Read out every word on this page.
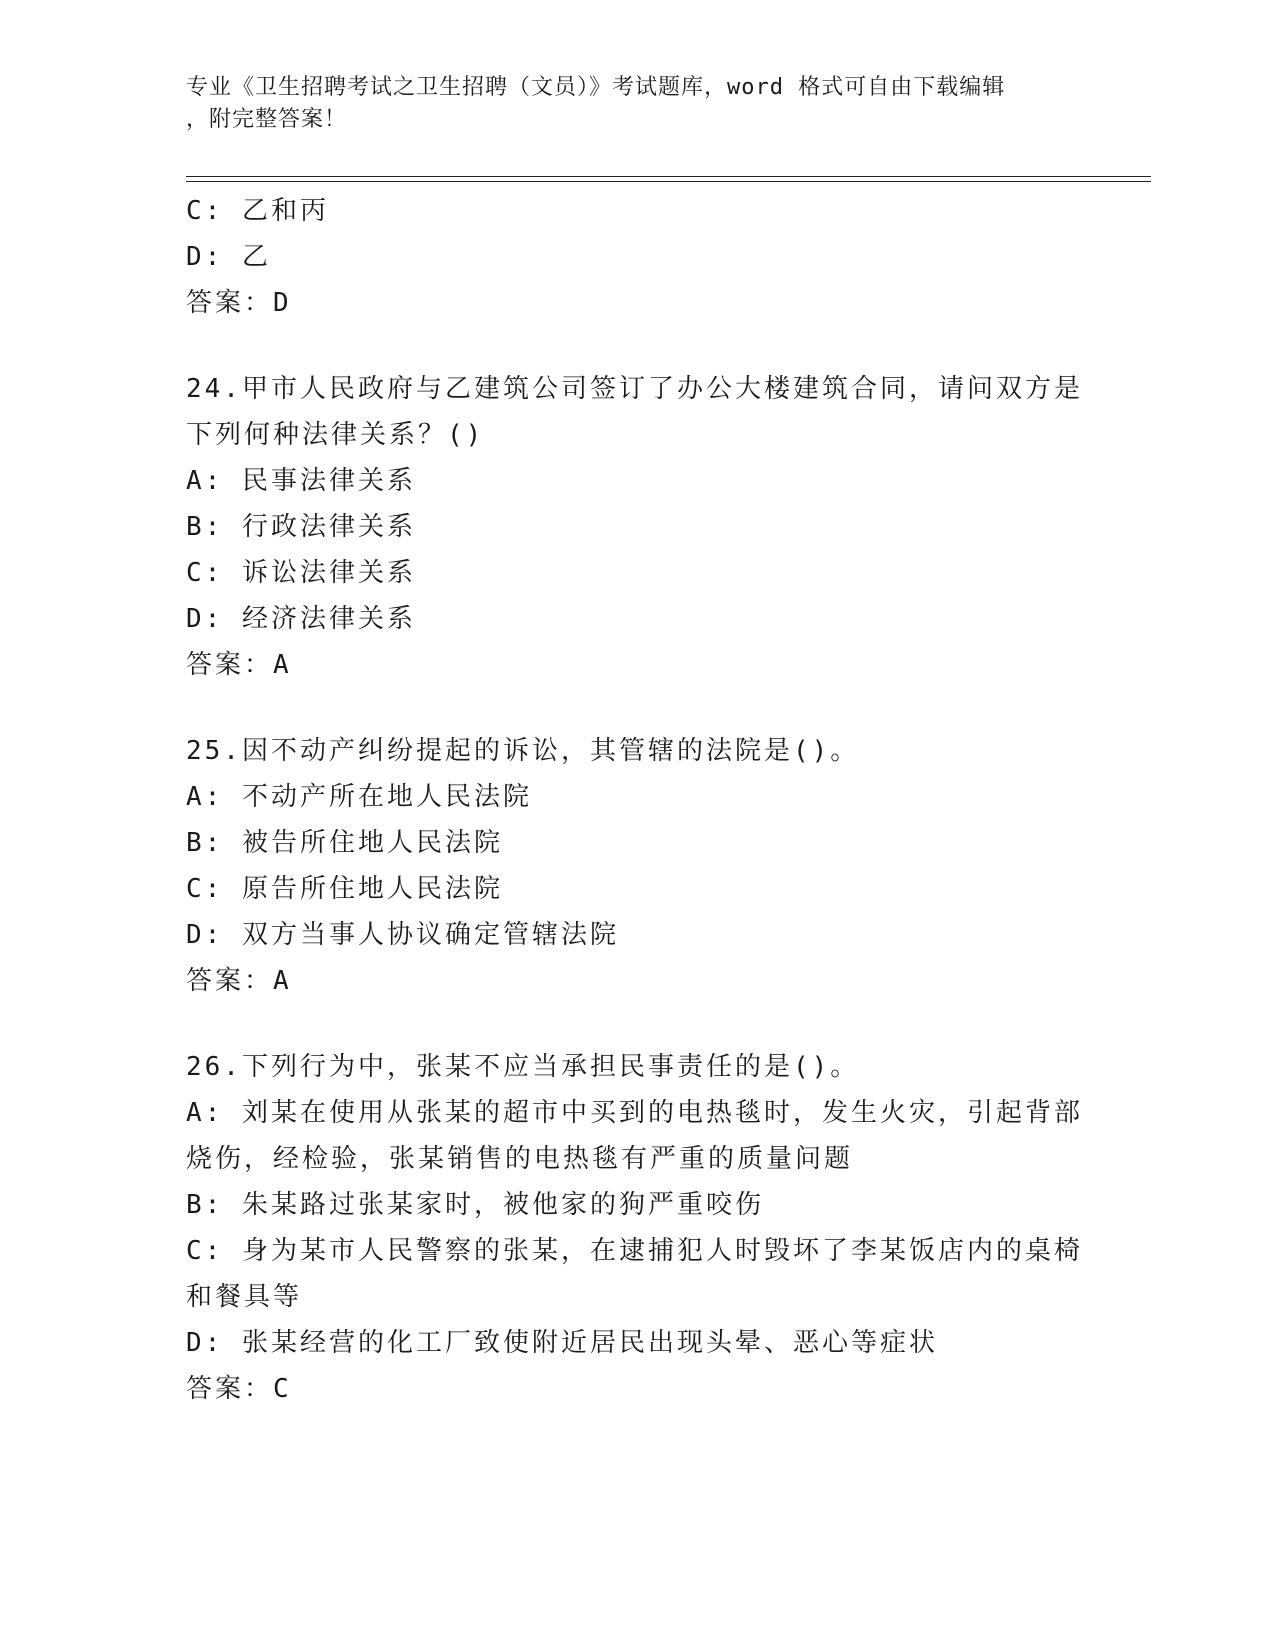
专业《卫生招聘考试之卫生招聘（文员）》考试题库，word 格式可自由下载编辑
，附完整答案！
C: 乙和丙
D: 乙
答案：D
24.甲市人民政府与乙建筑公司签订了办公大楼建筑合同，请问双方是下列何种法律关系？()
A: 民事法律关系
B: 行政法律关系
C: 诉讼法律关系
D: 经济法律关系
答案：A
25.因不动产纠纷提起的诉讼，其管辖的法院是()。
A: 不动产所在地人民法院
B: 被告所住地人民法院
C: 原告所住地人民法院
D: 双方当事人协议确定管辖法院
答案：A
26.下列行为中，张某不应当承担民事责任的是()。
A: 刘某在使用从张某的超市中买到的电热毯时，发生火灾，引起背部烧伤，经检验，张某销售的电热毯有严重的质量问题
B: 朱某路过张某家时，被他家的狗严重咬伤
C: 身为某市人民警察的张某，在逮捕犯人时毁坏了李某饭店内的桌椅和餐具等
D: 张某经营的化工厂致使附近居民出现头晕、恶心等症状
答案：C
